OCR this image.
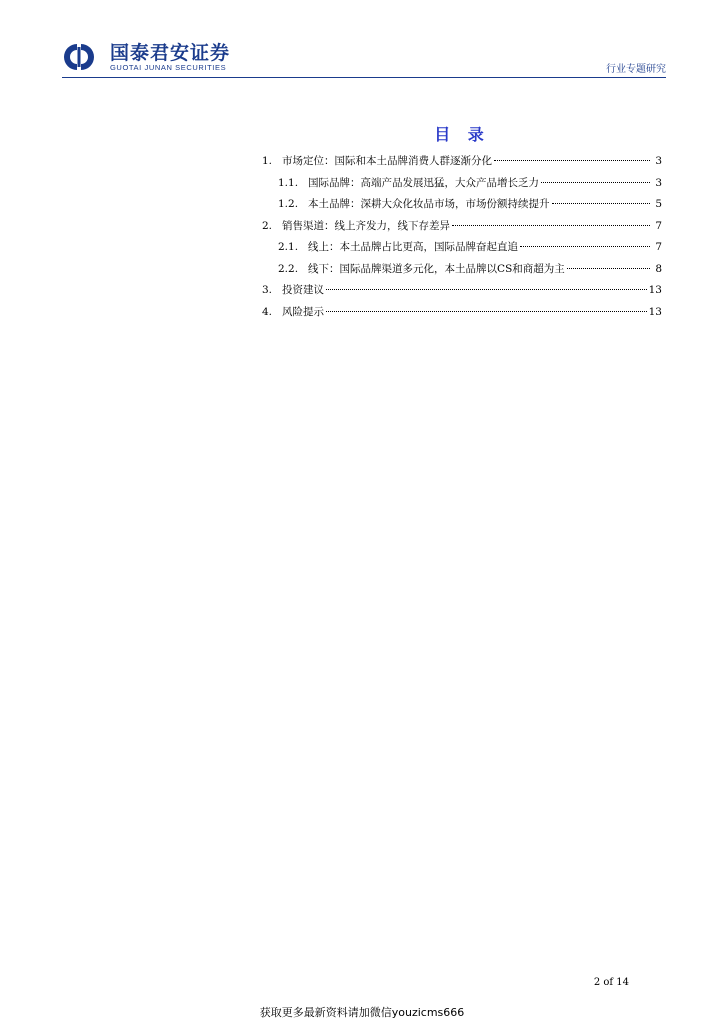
国泰君安证券
GUOTAI JUNAN SECURITIES	行业专题研究
目 录
1. 市场定位：国际和本土品牌消费人群逐渐分化	3
1.1. 国际品牌：高端产品发展迅猛，大众产品增长乏力	3
1.2. 本土品牌：深耕大众化妆品市场，市场份额持续提升	5
2. 销售渠道：线上齐发力，线下存差异	7
2.1. 线上：本土品牌占比更高，国际品牌奋起直追	7
2.2. 线下：国际品牌渠道多元化，本土品牌以CS和商超为主	8
3. 投资建议	13
4. 风险提示	13
2 of 14
获取更多最新资料请加微信youzicms666
